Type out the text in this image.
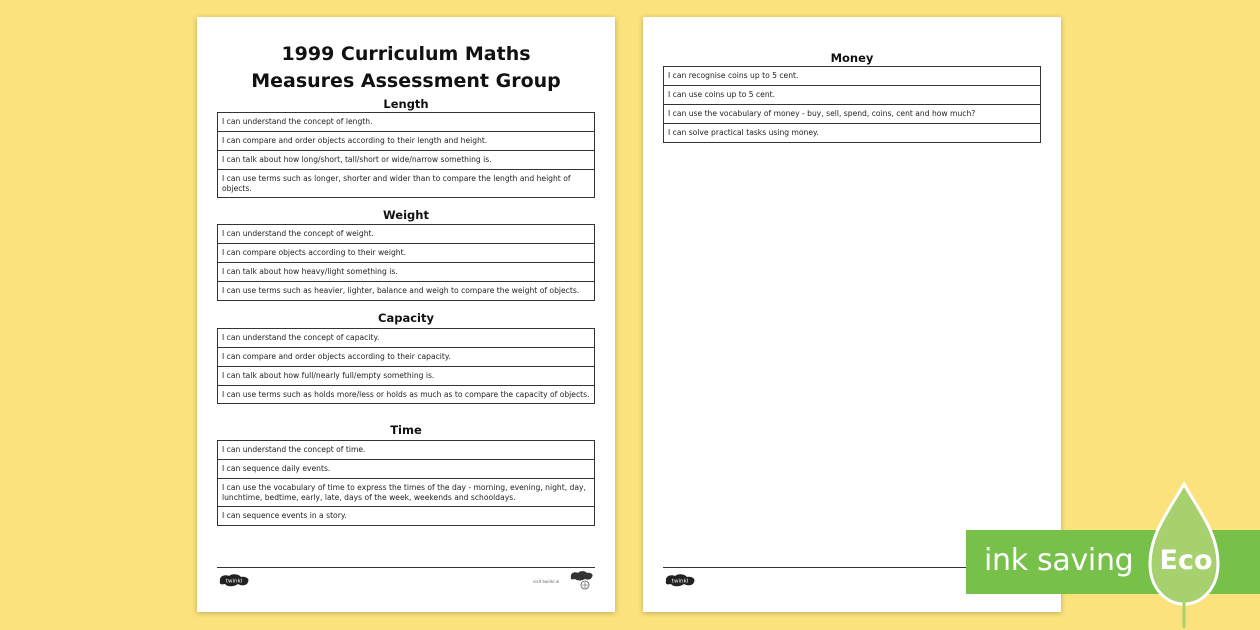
1999 Curriculum Maths
Measures Assessment Group
Length
I can understand the concept of length.
I can compare and order objects according to their length and height.
I can talk about how long/short, tall/short or wide/narrow something is.
I can use terms such as longer, shorter and wider than to compare the length and height of objects.
Weight
I can understand the concept of weight.
I can compare objects according to their weight.
I can talk about how heavy/light something is.
I can use terms such as heavier, lighter, balance and weigh to compare the weight of objects.
Capacity
I can understand the concept of capacity.
I can compare and order objects according to their capacity.
I can talk about how full/nearly full/empty something is.
I can use terms such as holds more/less or holds as much as to compare the capacity of objects.
Time
I can understand the concept of time.
I can sequence daily events.
I can use the vocabulary of time to express the times of the day - morning, evening, night, day, lunchtime, bedtime, early, late, days of the week, weekends and schooldays.
I can sequence events in a story.
twinkl	visit twinkl.ie
Money
I can recognise coins up to 5 cent.
I can use coins up to 5 cent.
I can use the vocabulary of money - buy, sell, spend, coins, cent and how much?
I can solve practical tasks using money.
twinkl
ink saving Eco
